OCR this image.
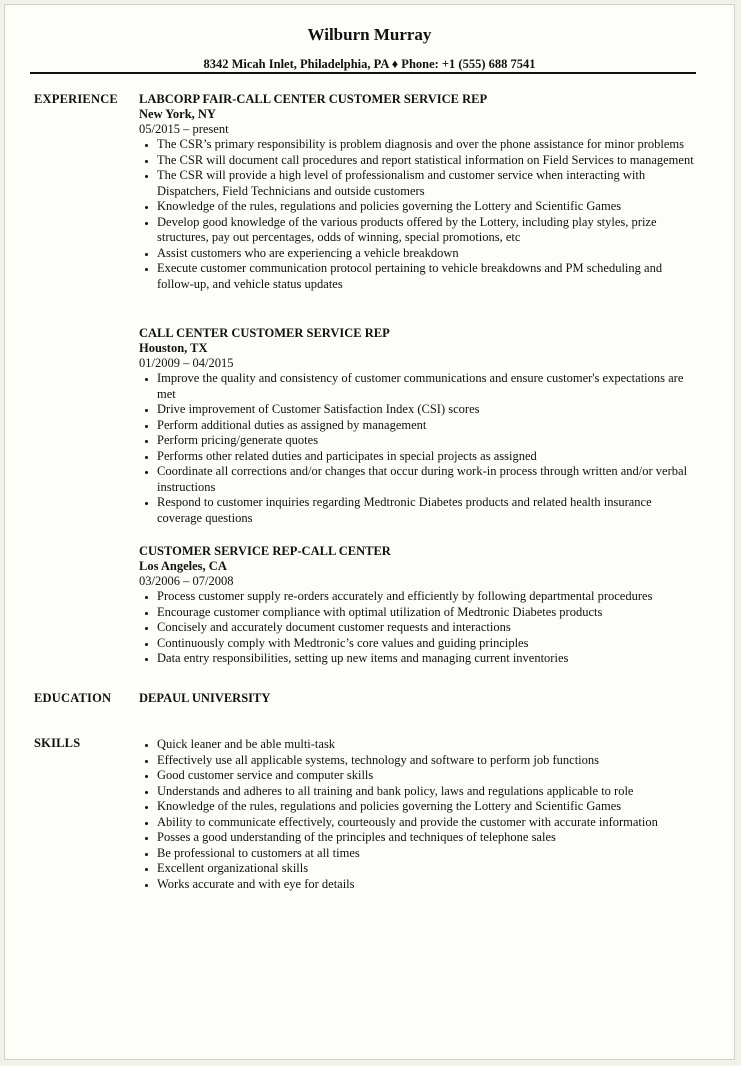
Wilburn Murray
8342 Micah Inlet, Philadelphia, PA ♦ Phone: +1 (555) 688 7541
EXPERIENCE LABCORP FAIR-CALL CENTER CUSTOMER SERVICE REP
New York, NY
05/2015 – present
• The CSR’s primary responsibility is problem diagnosis and over the phone assistance for minor problems
• The CSR will document call procedures and report statistical information on Field Services to management
• The CSR will provide a high level of professionalism and customer service when interacting with Dispatchers, Field Technicians and outside customers
• Knowledge of the rules, regulations and policies governing the Lottery and Scientific Games
• Develop good knowledge of the various products offered by the Lottery, including play styles, prize structures, pay out percentages, odds of winning, special promotions, etc
• Assist customers who are experiencing a vehicle breakdown
• Execute customer communication protocol pertaining to vehicle breakdowns and PM scheduling and follow-up, and vehicle status updates
CALL CENTER CUSTOMER SERVICE REP
Houston, TX
01/2009 – 04/2015
• Improve the quality and consistency of customer communications and ensure customer's expectations are met
• Drive improvement of Customer Satisfaction Index (CSI) scores
• Perform additional duties as assigned by management
• Perform pricing/generate quotes
• Performs other related duties and participates in special projects as assigned
• Coordinate all corrections and/or changes that occur during work-in process through written and/or verbal instructions
• Respond to customer inquiries regarding Medtronic Diabetes products and related health insurance coverage questions
CUSTOMER SERVICE REP-CALL CENTER
Los Angeles, CA
03/2006 – 07/2008
• Process customer supply re-orders accurately and efficiently by following departmental procedures
• Encourage customer compliance with optimal utilization of Medtronic Diabetes products
• Concisely and accurately document customer requests and interactions
• Continuously comply with Medtronic’s core values and guiding principles
• Data entry responsibilities, setting up new items and managing current inventories
EDUCATION DEPAUL UNIVERSITY
SKILLS
•	Quick leaner and be able multi-task
• Effectively use all applicable systems, technology and software to perform job functions
• Good customer service and computer skills
• Understands and adheres to all training and bank policy, laws and regulations applicable to role
• Knowledge of the rules, regulations and policies governing the Lottery and Scientific Games
• Ability to communicate effectively, courteously and provide the customer with accurate information
• Posses a good understanding of the principles and techniques of telephone sales
• Be professional to customers at all times
• Excellent organizational skills
• Works accurate and with eye for details
